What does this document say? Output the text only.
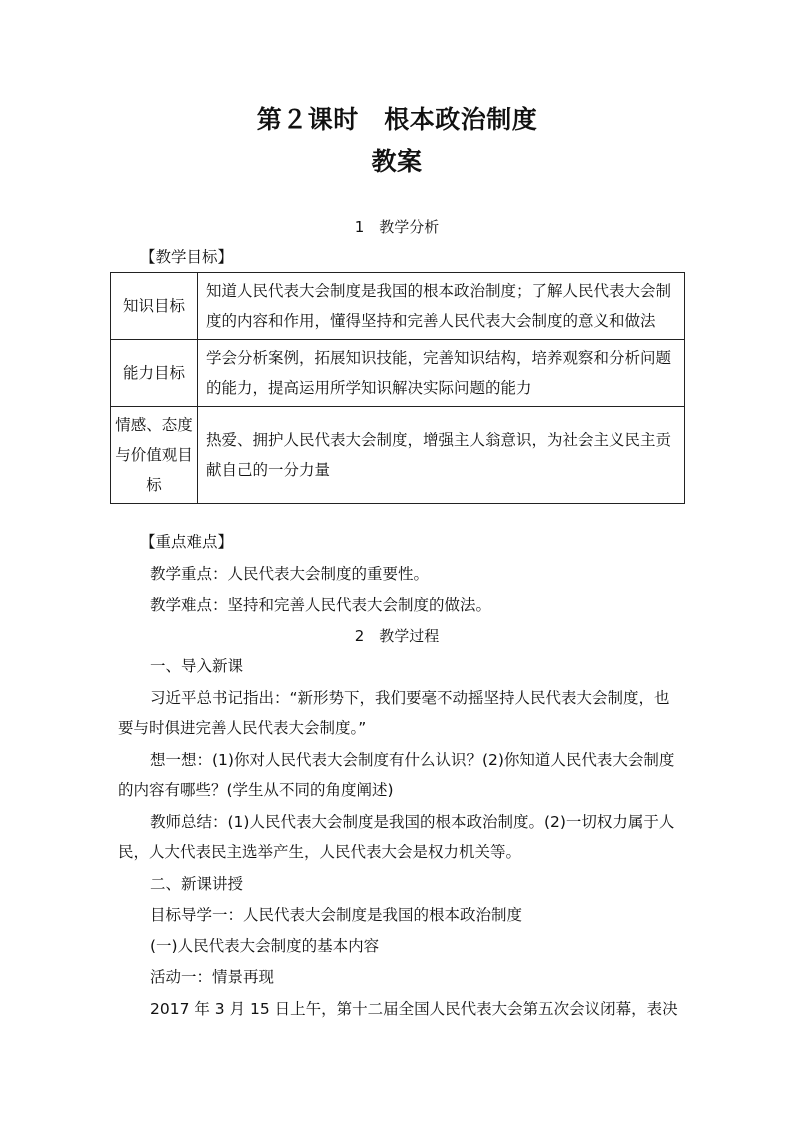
第２课时　根本政治制度
教案
1　教学分析
【教学目标】
知识目标	知道人民代表大会制度是我国的根本政治制度；了解人民代表大会制度的内容和作用，懂得坚持和完善人民代表大会制度的意义和做法
能力目标	学会分析案例，拓展知识技能，完善知识结构，培养观察和分析问题的能力，提高运用所学知识解决实际问题的能力
情感、态度与价值观目标	热爱、拥护人民代表大会制度，增强主人翁意识，为社会主义民主贡献自己的一分力量
【重点难点】
教学重点：人民代表大会制度的重要性。
教学难点：坚持和完善人民代表大会制度的做法。
2　教学过程
一、导入新课
习近平总书记指出：“新形势下，我们要毫不动摇坚持人民代表大会制度，也要与时俱进完善人民代表大会制度。”
想一想：(1)你对人民代表大会制度有什么认识？(2)你知道人民代表大会制度的内容有哪些？(学生从不同的角度阐述)
教师总结：(1)人民代表大会制度是我国的根本政治制度。(2)一切权力属于人民，人大代表民主选举产生，人民代表大会是权力机关等。
二、新课讲授
目标导学一：人民代表大会制度是我国的根本政治制度
(一)人民代表大会制度的基本内容
活动一：情景再现
2017 年 3 月 15 日上午，第十二届全国人民代表大会第五次会议闭幕，表决
